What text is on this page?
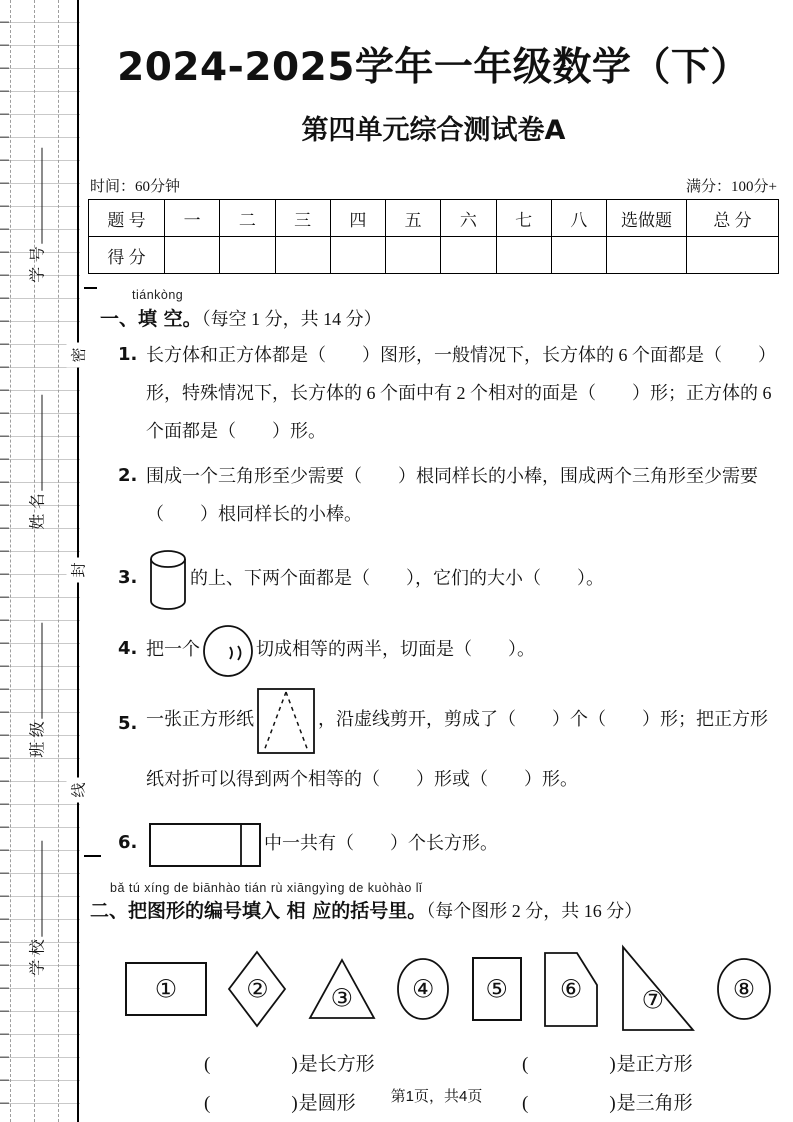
学 号
姓 名
班 级
学 校
密
封
线
2024-2025学年一年级数学（下）
第四单元综合测试卷A
时间：60分钟	满分：100分+
题 号	一	二	三	四	五	六	七	八	选做题	总 分
得 分										
tiánkòng
一、填 空。（每空 1 分，共 14 分）
1. 长方体和正方体都是（　　）图形，一般情况下，长方体的 6 个面都是（　　）形，特殊情况下，长方体的 6 个面中有 2 个相对的面是（　　）形；正方体的 6 个面都是（　　）形。
2. 围成一个三角形至少需要（　　）根同样长的小棒，围成两个三角形至少需要（　　）根同样长的小棒。
3.	的上、下两个面都是（　　），它们的大小（　　）。
4. 把一个	切成相等的两半，切面是（　　）。
5. 一张正方形纸	，沿虚线剪开，剪成了（　　）个（　　）形；把正方形纸对折可以得到两个相等的（　　）形或（　　）形。
6.	中一共有（　　）个长方形。
bǎ tú xíng de biānhào tián rù xiāngyìng de kuòhào lǐ
二、把图形的编号填入 相 应的括号里。（每个图形 2 分，共 16 分）
①	② ③ ④ ⑤ ⑥ ⑦	⑧
(　　　　)是长方形	(　　　　)是正方形
(　　　　)是圆形	(　　　　)是三角形
第1页，共4页
